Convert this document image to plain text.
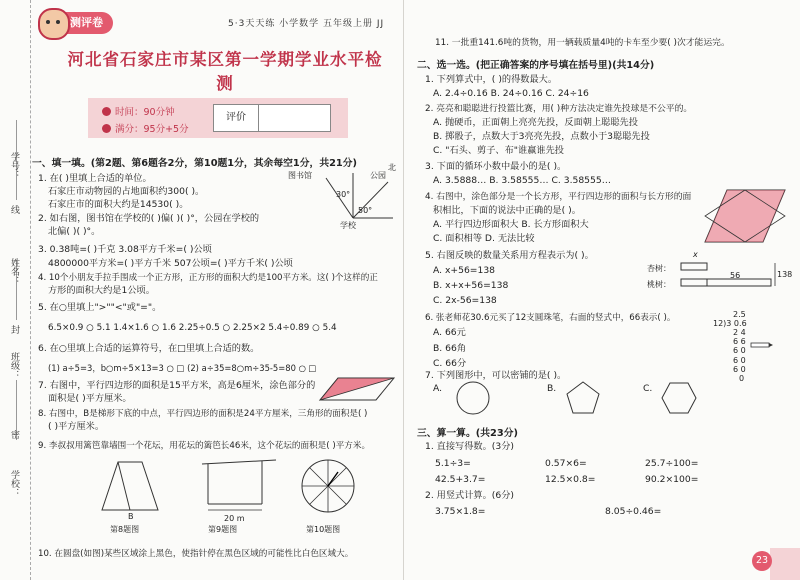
学号：
线
姓名：
封
班级：
密
学校：
测评卷	5·3天天练 小学数学 五年级上册 JJ
河北省石家庄市某区第一学期学业水平检测
时间：90分钟
满分：95分+5分
评价
一、填一填。(第2题、第6题各2分，第10题1分，其余每空1分，共21分)
1. 在( )里填上合适的单位。
石家庄市动物园的占地面积约300( )。
石家庄市的面积大约是14530( )。
2. 如右图，图书馆在学校的( )偏( )( )°，公园在学校的
北偏( )( )°。
图书馆	公园
北
30°
50°
学校
3. 0.38吨=( )千克 3.08平方千米=( )公顷
4800000平方米=( )平方千米 507公顷=( )平方千米( )公顷
4. 10个小朋友手拉手围成一个正方形，正方形的面积大约是100平方米。这( )个这样的正
方形的面积大约是1公顷。
5. 在○里填上">""<"或"="。
6.5×0.9 ○ 5.1 1.4×1.6 ○ 1.6 2.25÷0.5 ○ 2.25×2 5.4÷0.89 ○ 5.4
6. 在○里填上合适的运算符号，在□里填上合适的数。
(1) a÷5=3，b○m÷5×13=3 ○ □ (2) a÷35=8○m÷35-5=80 ○ □
7. 右图中，平行四边形的面积是15平方米，高是6厘米，涂色部分的
面积是( )平方厘米。
8. 右图中，B是梯形下底的中点，平行四边形的面积是24平方厘米，三角形的面积是( )
( )平方厘米。
9. 李叔叔用篱笆靠墙围一个花坛，用花坛的篱笆长46米，这个花坛的面积是( )平方米。
B
第8题图
20 m
第9题图	第10题图
10. 在圆盘(如图)某些区域涂上黑色，使指针停在黑色区域的可能性比白色区域大。
11. 一批重141.6吨的货物，用一辆载质量4吨的卡车至少要( )次才能运完。
二、选一选。(把正确答案的序号填在括号里)(共14分)
1. 下列算式中，( )的得数最大。
A. 2.4÷0.16 B. 24÷0.16 C. 24÷16
2. 亮亮和聪聪进行投篮比赛，用( )种方法决定谁先投球是不公平的。
A. 抛硬币，正面朝上亮亮先投，反面朝上聪聪先投
B. 掷骰子，点数大于3亮亮先投，点数小于3聪聪先投
C. "石头、剪子、布"谁赢谁先投
3. 下面的循环小数中最小的是( )。
A. 3.5888… B. 3.58555… C. 3.58555…
4. 右图中，涂色部分是一个长方形，平行四边形的面积与长方形的面
积相比，下面的说法中正确的是( )。
A. 平行四边形面积大 B. 长方形面积大
C. 面积相等 D. 无法比较
5. 右图反映的数量关系用方程表示为( )。
A. x+56=138
B. x+x+56=138
C. 2x-56=138
x
杏树：
桃树：
56	138
6. 张老师花30.6元买了12支圆珠笔，右面的竖式中，66表示( )。
A. 66元
B. 66角
C. 66分
2.5
12)3 0.6
2 4
6 6
6 0
6 0
6 0
0
7. 下列图形中，可以密铺的是( )。
A.	B.	C.
三、算一算。(共23分)
1. 直接写得数。(3分)
5.1÷3=	0.57×6=	25.7÷100=
42.5+3.7=	12.5×0.8=	90.2×100=
2. 用竖式计算。(6分)
3.75×1.8=	8.05÷0.46=
23
